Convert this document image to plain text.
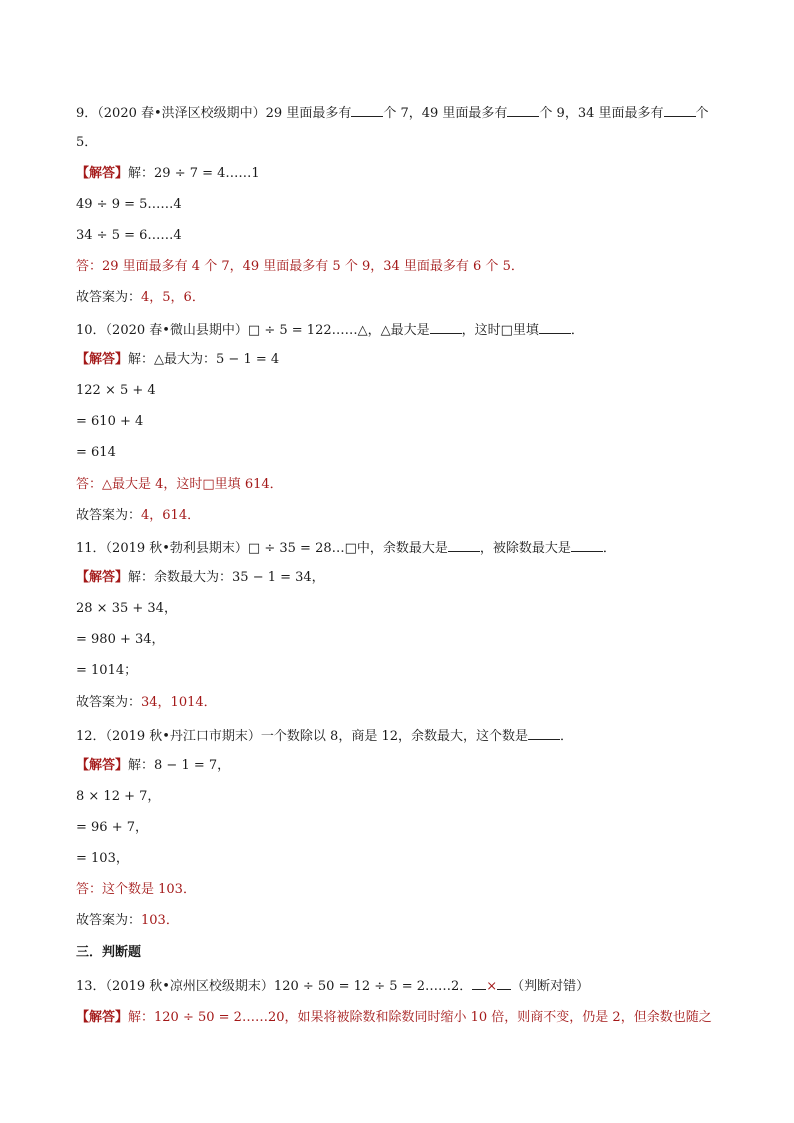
9．（2020 春•洪泽区校级期中）29 里面最多有 个 7，49 里面最多有 个 9，34 里面最多有 个
5．
【解答】解：29 ÷ 7 = 4……1
49 ÷ 9 = 5……4
34 ÷ 5 = 6……4
答：29 里面最多有 4 个 7，49 里面最多有 5 个 9，34 里面最多有 6 个 5．
故答案为：4，5，6．
10．（2020 春•微山县期中）□ ÷ 5 = 122……△，△最大是 ，这时□里填 ．
【解答】解：△最大为：5 − 1 = 4
122 × 5 + 4
= 610 + 4
= 614
答：△最大是 4，这时□里填 614．
故答案为：4，614．
11．（2019 秋•勃利县期末）□ ÷ 35 = 28…□中，余数最大是 ，被除数最大是 ．
【解答】解：余数最大为：35 − 1 = 34，
28 × 35 + 34，
= 980 + 34，
= 1014；
故答案为：34，1014．
12．（2019 秋•丹江口市期末）一个数除以 8，商是 12，余数最大，这个数是 ．
【解答】解：8 − 1 = 7，
8 × 12 + 7，
= 96 + 7，
= 103，
答：这个数是 103．
故答案为：103．
三．判断题
13．（2019 秋•凉州区校级期末）120 ÷ 50 = 12 ÷ 5 = 2……2． × （判断对错）
【解答】解：120 ÷ 50 = 2……20，如果将被除数和除数同时缩小 10 倍，则商不变，仍是 2，但余数也随之
